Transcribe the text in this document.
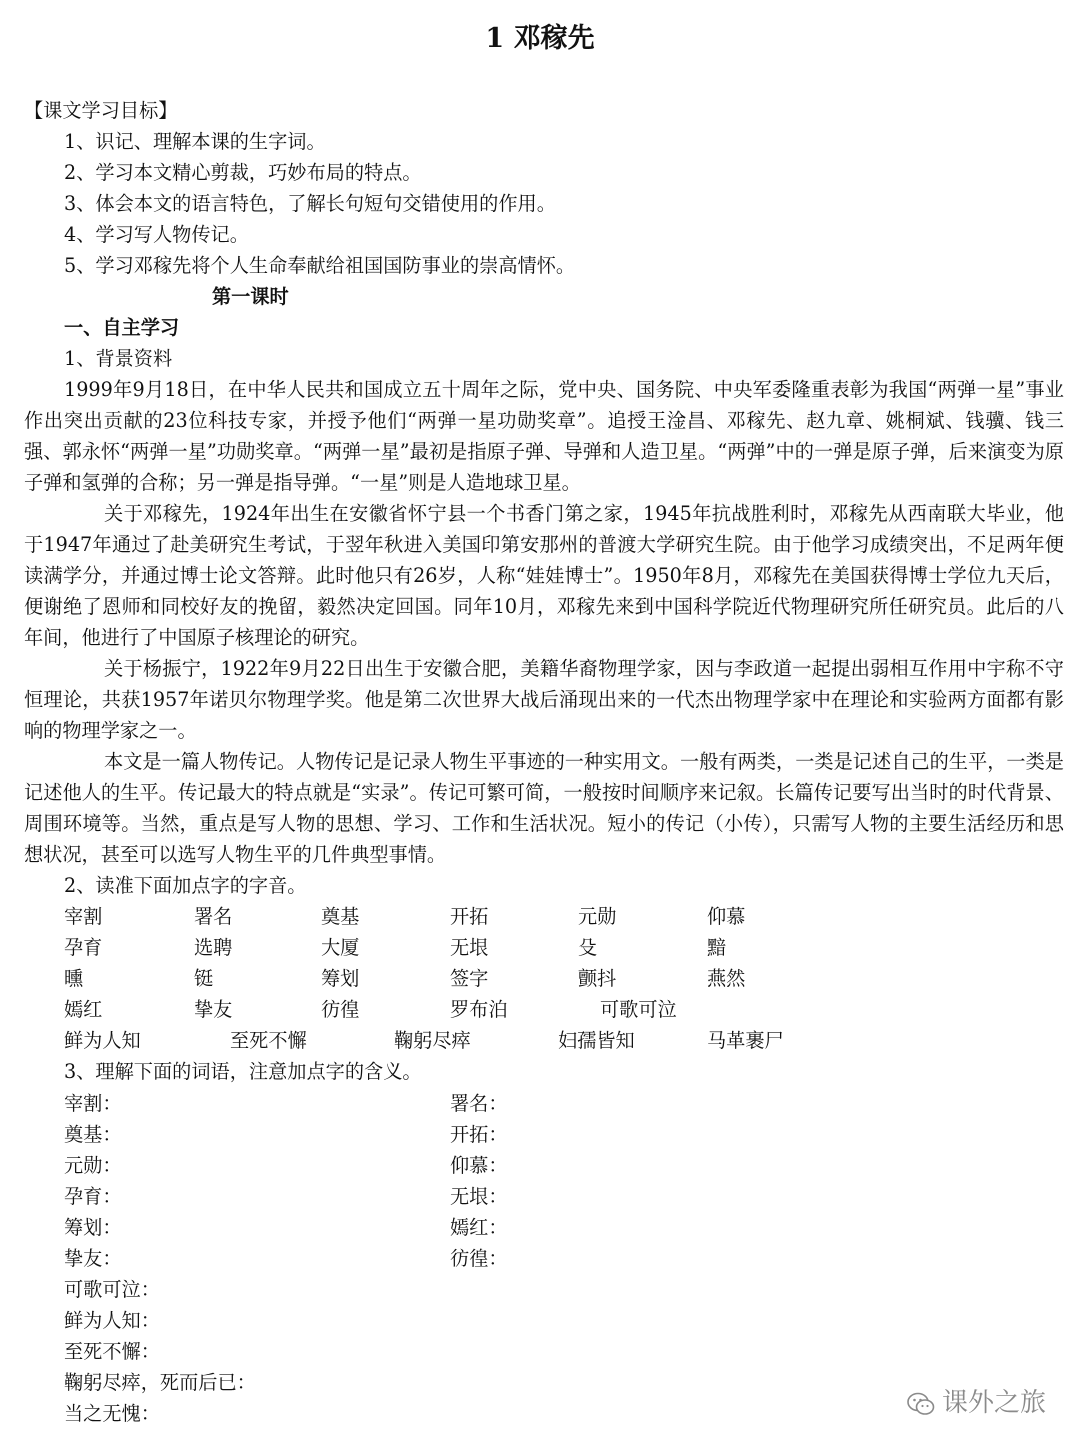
1 邓稼先
【课文学习目标】
1、识记、理解本课的生字词。
2、学习本文精心剪裁，巧妙布局的特点。
3、体会本文的语言特色，了解长句短句交错使用的作用。
4、学习写人物传记。
5、学习邓稼先将个人生命奉献给祖国国防事业的崇高情怀。
第一课时
一、自主学习
1、背景资料
1999年9月18日，在中华人民共和国成立五十周年之际，党中央、国务院、中央军委隆重表彰为我国“两弹一星”事业作出突出贡献的23位科技专家，并授予他们“两弹一星功勋奖章”。追授王淦昌、邓稼先、赵九章、姚桐斌、钱骥、钱三强、郭永怀“两弹一星”功勋奖章。“两弹一星”最初是指原子弹、导弹和人造卫星。“两弹”中的一弹是原子弹，后来演变为原子弹和氢弹的合称；另一弹是指导弹。“一星”则是人造地球卫星。
关于邓稼先，1924年出生在安徽省怀宁县一个书香门第之家，1945年抗战胜利时，邓稼先从西南联大毕业，他于1947年通过了赴美研究生考试，于翌年秋进入美国印第安那州的普渡大学研究生院。由于他学习成绩突出，不足两年便读满学分，并通过博士论文答辩。此时他只有26岁，人称“娃娃博士”。1950年8月，邓稼先在美国获得博士学位九天后，便谢绝了恩师和同校好友的挽留，毅然决定回国。同年10月，邓稼先来到中国科学院近代物理研究所任研究员。此后的八年间，他进行了中国原子核理论的研究。
关于杨振宁，1922年9月22日出生于安徽合肥，美籍华裔物理学家，因与李政道一起提出弱相互作用中宇称不守恒理论，共获1957年诺贝尔物理学奖。他是第二次世界大战后涌现出来的一代杰出物理学家中在理论和实验两方面都有影响的物理学家之一。
本文是一篇人物传记。人物传记是记录人物生平事迹的一种实用文。一般有两类，一类是记述自己的生平，一类是记述他人的生平。传记最大的特点就是“实录”。传记可繁可简，一般按时间顺序来记叙。长篇传记要写出当时的时代背景、周围环境等。当然，重点是写人物的思想、学习、工作和生活状况。短小的传记（小传），只需写人物的主要生活经历和思想状况，甚至可以选写人物生平的几件典型事情。
2、读准下面加点字的字音。
宰割	署名	奠基	开拓	元勋	仰慕
孕育	选聘	大厦	无垠	殳	黯
曛	铤	筹划	签字	颤抖	燕然
嫣红	挚友	彷徨	罗布泊	可歌可泣
鲜为人知	至死不懈	鞠躬尽瘁	妇孺皆知	马革裹尸
3、理解下面的词语，注意加点字的含义。
宰割：	署名：
奠基：	开拓：
元勋：	仰慕：
孕育：	无垠：
筹划：	嫣红：
挚友：	彷徨：
可歌可泣：
鲜为人知：
至死不懈：
鞠躬尽瘁，死而后已：
当之无愧：	课外之旅
